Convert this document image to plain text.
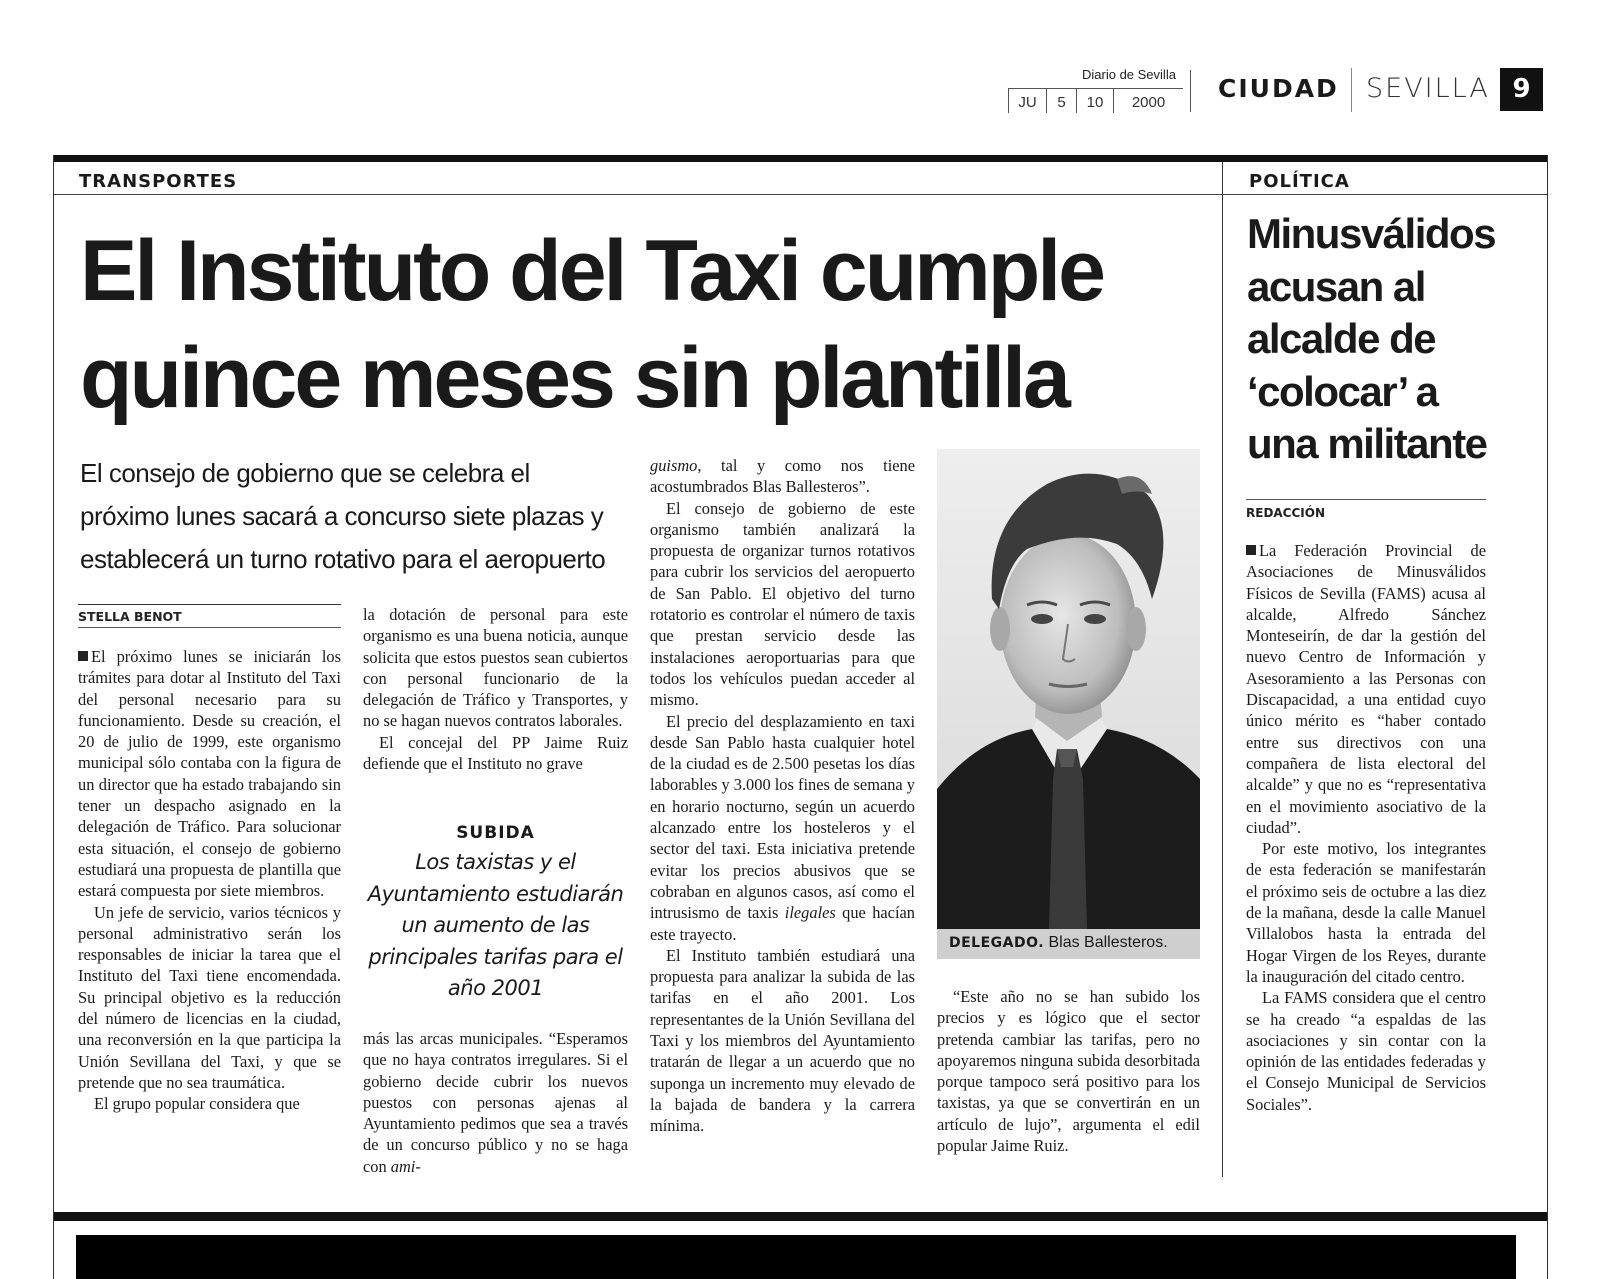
Diario de Sevilla
JU	5	10	2000	CIUDAD SEVILLA 9
TRANSPORTES	POLÍTICA
El Instituto del Taxi cumple
quince meses sin plantilla
El consejo de gobierno que se celebra el
próximo lunes sacará a concurso siete plazas y
establecerá un turno rotativo para el aeropuerto
STELLA BENOT

El próximo lunes se iniciarán los trámites para dotar al Instituto del Taxi del personal necesario para su funcionamiento. Desde su creación, el 20 de julio de 1999, este organismo municipal sólo contaba con la figura de un director que ha estado trabajando sin tener un despacho asignado en la delegación de Tráfico. Para solucionar esta situación, el consejo de gobierno estudiará una propuesta de plantilla que estará compuesta por siete miembros.

Un jefe de servicio, varios técnicos y personal administrativo serán los responsables de iniciar la tarea que el Instituto del Taxi tiene encomendada. Su principal objetivo es la reducción del número de licencias en la ciudad, una reconversión en la que participa la Unión Sevillana del Taxi, y que se pretende que no sea traumática.

El grupo popular considera que

la dotación de personal para este organismo es una buena noticia, aunque solicita que estos puestos sean cubiertos con personal funcionario de la delegación de Tráfico y Transportes, y no se hagan nuevos contratos laborales.

El concejal del PP Jaime Ruiz defiende que el Instituto no grave

SUBIDA
Los taxistas y el Ayuntamiento estudiarán un aumento de las principales tarifas para el año 2001

más las arcas municipales. “Esperamos que no haya contratos irregulares. Si el gobierno decide cubrir los nuevos puestos con personas ajenas al Ayuntamiento pedimos que sea a través de un concurso público y no se haga con ami-

guismo, tal y como nos tiene acostumbrados Blas Ballesteros”.

El consejo de gobierno de este organismo también analizará la propuesta de organizar turnos rotativos para cubrir los servicios del aeropuerto de San Pablo. El objetivo del turno rotatorio es controlar el número de taxis que prestan servicio desde las instalaciones aeroportuarias para que todos los vehículos puedan acceder al mismo.

El precio del desplazamiento en taxi desde San Pablo hasta cualquier hotel de la ciudad es de 2.500 pesetas los días laborables y 3.000 los fines de semana y en horario nocturno, según un acuerdo alcanzado entre los hosteleros y el sector del taxi. Esta iniciativa pretende evitar los precios abusivos que se cobraban en algunos casos, así como el intrusismo de taxis ilegales que hacían este trayecto.

El Instituto también estudiará una propuesta para analizar la subida de las tarifas en el año 2001. Los representantes de la Unión Sevillana del Taxi y los miembros del Ayuntamiento tratarán de llegar a un acuerdo que no suponga un incremento muy elevado de la bajada de bandera y la carrera mínima.

DELEGADO. Blas Ballesteros.

“Este año no se han subido los precios y es lógico que el sector pretenda cambiar las tarifas, pero no apoyaremos ninguna subida desorbitada porque tampoco será positivo para los taxistas, ya que se convertirán en un artículo de lujo”, argumenta el edil popular Jaime Ruiz.

Minusválidos acusan al alcalde de ‘colocar’ a una militante
REDACCIÓN

La Federación Provincial de Asociaciones de Minusválidos Físicos de Sevilla (FAMS) acusa al alcalde, Alfredo Sánchez Monteseirín, de dar la gestión del nuevo Centro de Información y Asesoramiento a las Personas con Discapacidad, a una entidad cuyo único mérito es “haber contado entre sus directivos con una compañera de lista electoral del alcalde” y que no es “representativa en el movimiento asociativo de la ciudad”.

Por este motivo, los integrantes de esta federación se manifestarán el próximo seis de octubre a las diez de la mañana, desde la calle Manuel Villalobos hasta la entrada del Hogar Virgen de los Reyes, durante la inauguración del citado centro.

La FAMS considera que el centro se ha creado “a espaldas de las asociaciones y sin contar con la opinión de las entidades federadas y el Consejo Municipal de Servicios Sociales”.
